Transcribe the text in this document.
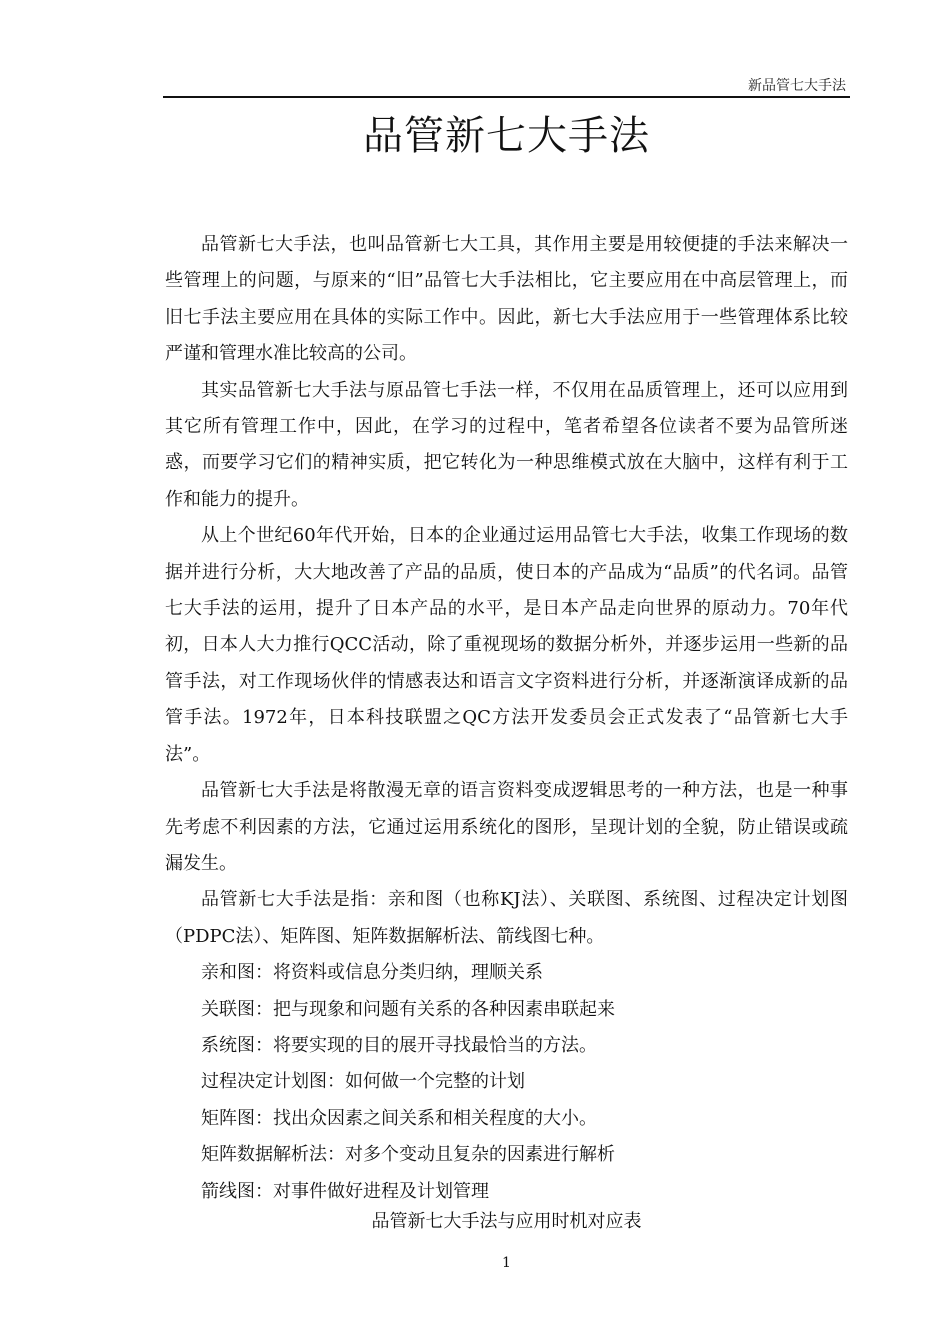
新品管七大手法
品管新七大手法

品管新七大手法，也叫品管新七大工具，其作用主要是用较便捷的手法来解决一些管理上的问题，与原来的“旧”品管七大手法相比，它主要应用在中高层管理上，而旧七手法主要应用在具体的实际工作中。因此，新七大手法应用于一些管理体系比较严谨和管理水准比较高的公司。

其实品管新七大手法与原品管七手法一样，不仅用在品质管理上，还可以应用到其它所有管理工作中，因此，在学习的过程中，笔者希望各位读者不要为品管所迷惑，而要学习它们的精神实质，把它转化为一种思维模式放在大脑中，这样有利于工作和能力的提升。

从上个世纪60年代开始，日本的企业通过运用品管七大手法，收集工作现场的数据并进行分析，大大地改善了产品的品质，使日本的产品成为“品质”的代名词。品管七大手法的运用，提升了日本产品的水平，是日本产品走向世界的原动力。70年代初，日本人大力推行QCC活动，除了重视现场的数据分析外，并逐步运用一些新的品管手法，对工作现场伙伴的情感表达和语言文字资料进行分析，并逐渐演译成新的品管手法。1972年，日本科技联盟之QC方法开发委员会正式发表了“品管新七大手法”。

品管新七大手法是将散漫无章的语言资料变成逻辑思考的一种方法，也是一种事先考虑不利因素的方法，它通过运用系统化的图形，呈现计划的全貌，防止错误或疏漏发生。

品管新七大手法是指：亲和图（也称KJ法）、关联图、系统图、过程决定计划图（PDPC法）、矩阵图、矩阵数据解析法、箭线图七种。

亲和图：将资料或信息分类归纳，理顺关系

关联图：把与现象和问题有关系的各种因素串联起来

系统图：将要实现的目的展开寻找最恰当的方法。

过程决定计划图：如何做一个完整的计划

矩阵图：找出众因素之间关系和相关程度的大小。

矩阵数据解析法：对多个变动且复杂的因素进行解析

箭线图：对事件做好进程及计划管理

品管新七大手法与应用时机对应表
1
